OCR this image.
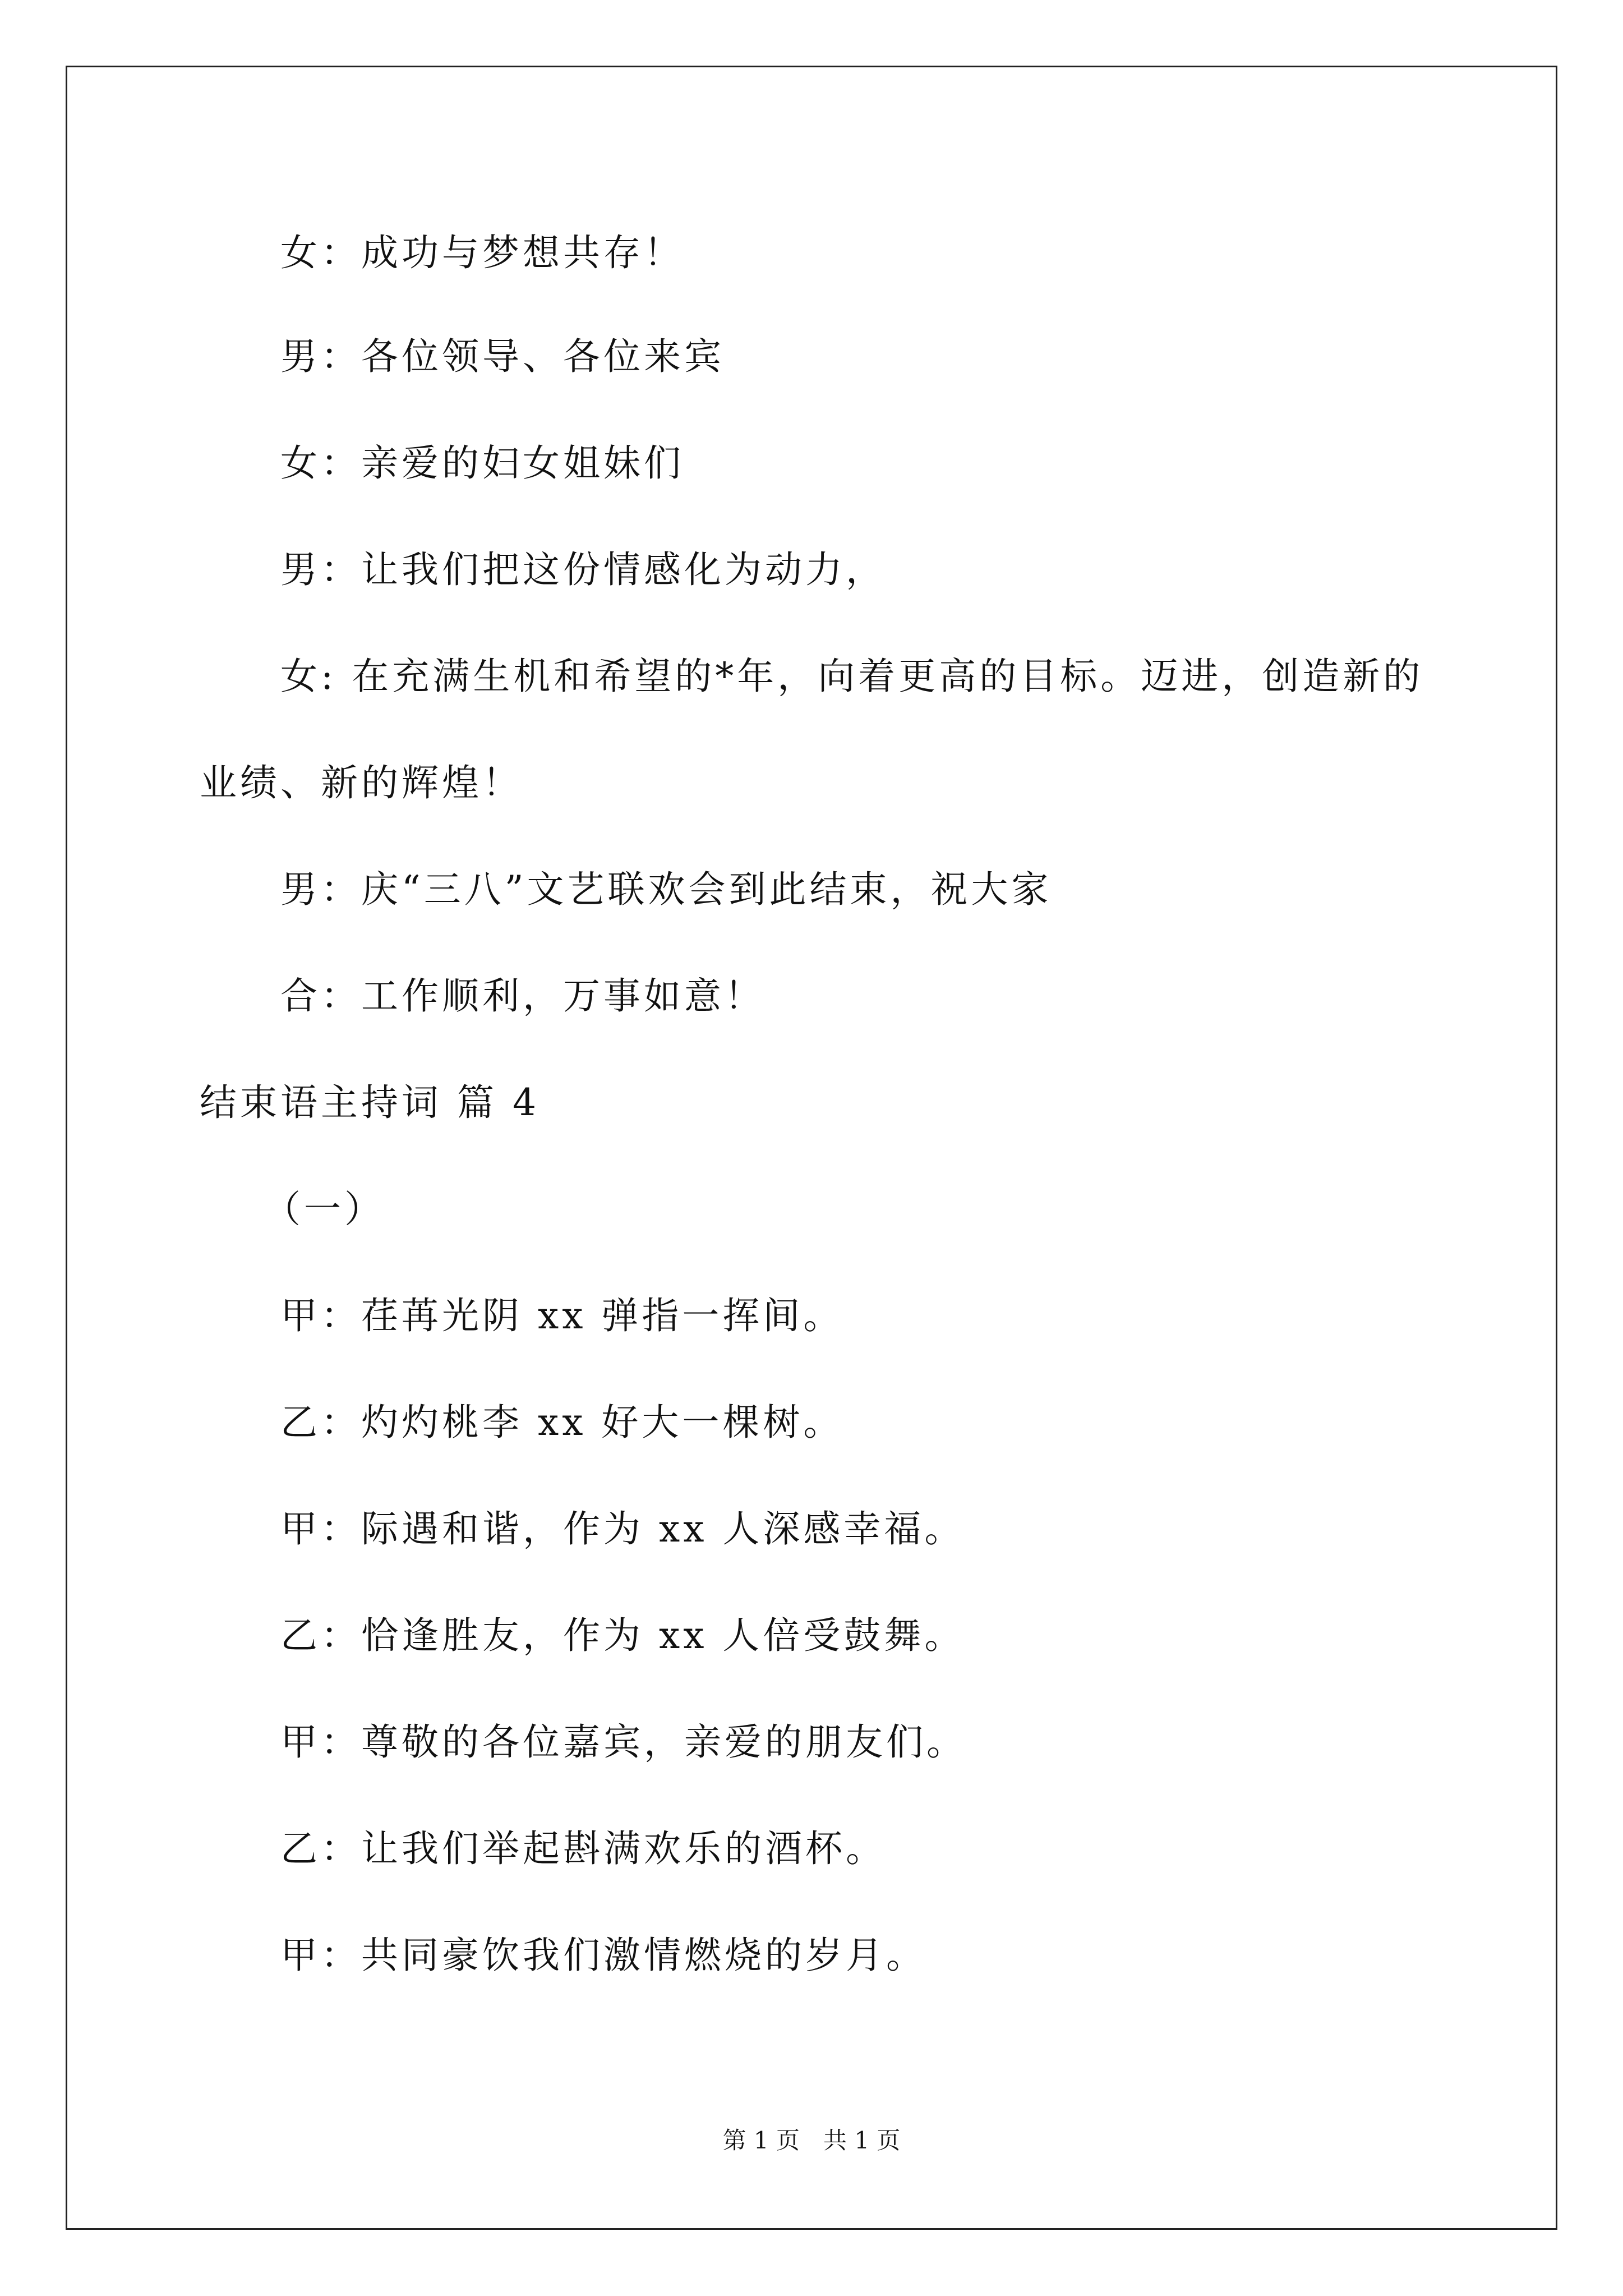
女：成功与梦想共存！
男：各位领导、各位来宾
女：亲爱的妇女姐妹们
男：让我们把这份情感化为动力，
女: 在充满生机和希望的*年，向着更高的目标。迈进，创造新的
业绩、新的辉煌！
男：庆“三八”文艺联欢会到此结束，祝大家
合：工作顺利，万事如意！
结束语主持词 篇 4
（一）
甲：荏苒光阴 xx 弹指一挥间。
乙：灼灼桃李 xx 好大一棵树。
甲：际遇和谐，作为 xx 人深感幸福。
乙：恰逢胜友，作为 xx 人倍受鼓舞。
甲：尊敬的各位嘉宾，亲爱的朋友们。
乙：让我们举起斟满欢乐的酒杯。
甲：共同豪饮我们激情燃烧的岁月。
第 1 页　共 1 页
